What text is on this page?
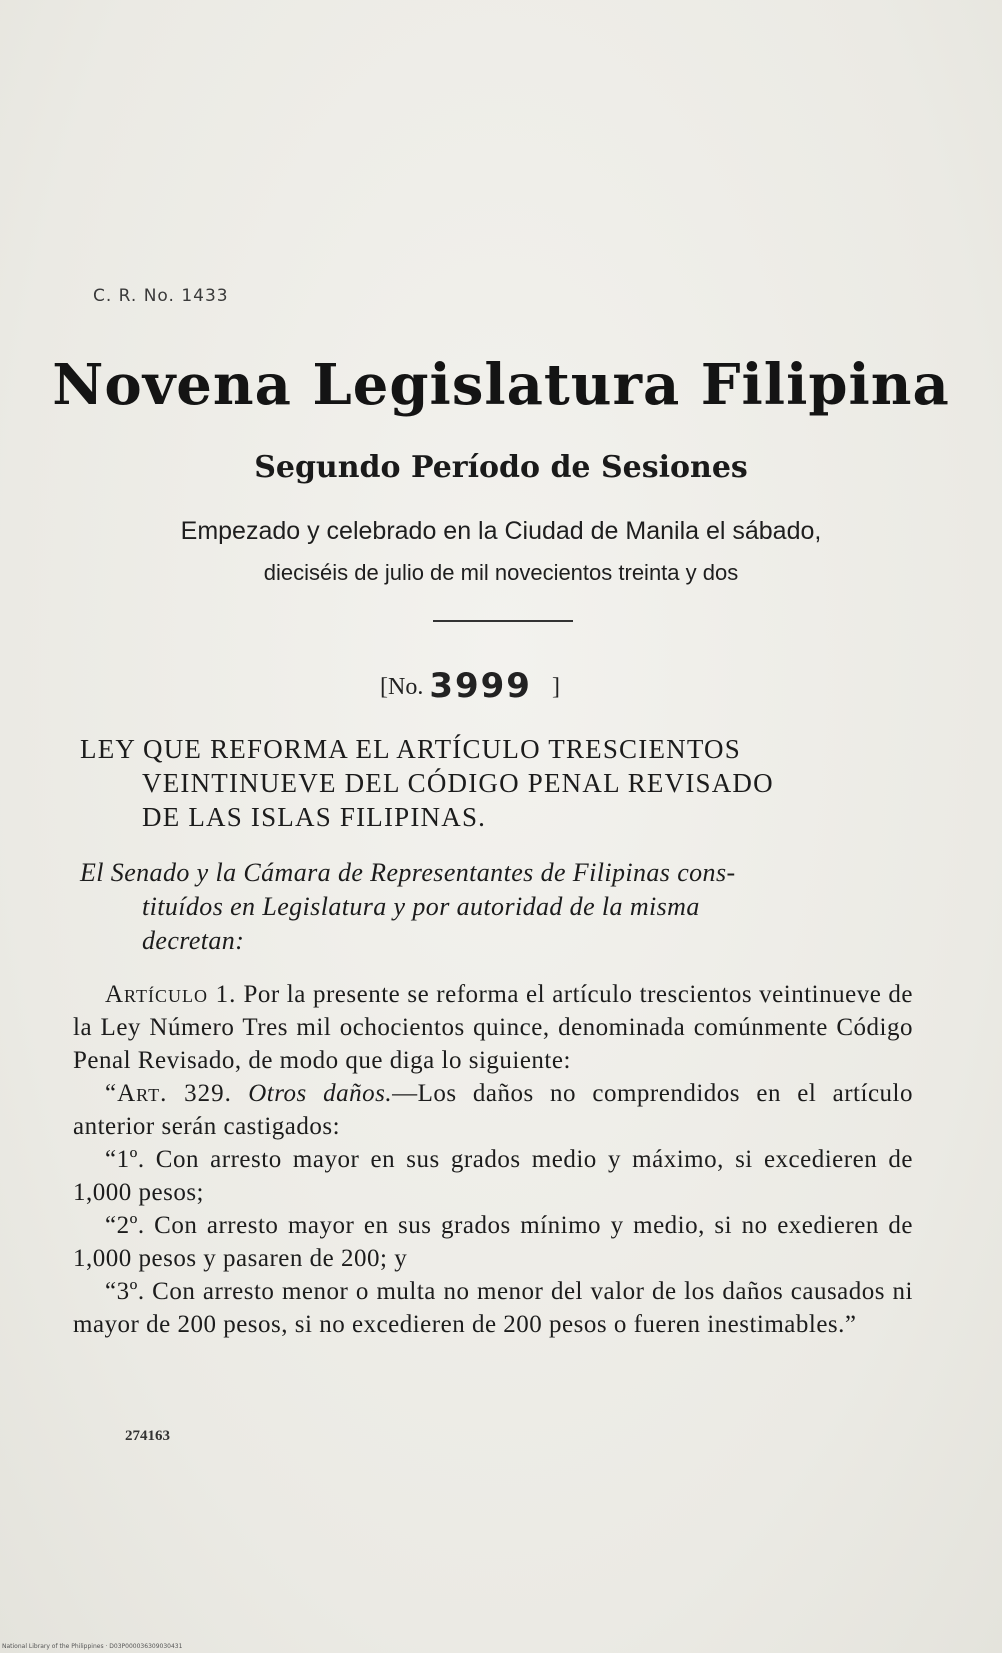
C. R. No. 1433
Novena Legislatura Filipina
Segundo Período de Sesiones
Empezado y celebrado en la Ciudad de Manila el sábado,
dieciséis de julio de mil novecientos treinta y dos
[No. 3999 ]
LEY QUE REFORMA EL ARTÍCULO TRESCIENTOS
VEINTINUEVE DEL CÓDIGO PENAL REVISADO
DE LAS ISLAS FILIPINAS.
El Senado y la Cámara de Representantes de Filipinas cons-
tituídos en Legislatura y por autoridad de la misma
decretan:

Artículo 1. Por la presente se reforma el artículo trescientos veintinueve de la Ley Número Tres mil ochocientos quince, denominada comúnmente Código Penal Revisado, de modo que diga lo siguiente:

“Art. 329. Otros daños.—Los daños no comprendidos en el artículo anterior serán castigados:

“1º. Con arresto mayor en sus grados medio y máximo, si excedieren de 1,000 pesos;

“2º. Con arresto mayor en sus grados mínimo y medio, si no exedieren de 1,000 pesos y pasaren de 200; y

“3º. Con arresto menor o multa no menor del valor de los daños causados ni mayor de 200 pesos, si no excedieren de 200 pesos o fueren inestimables.”

274163
National Library of the Philippines · D03P000036309030431
